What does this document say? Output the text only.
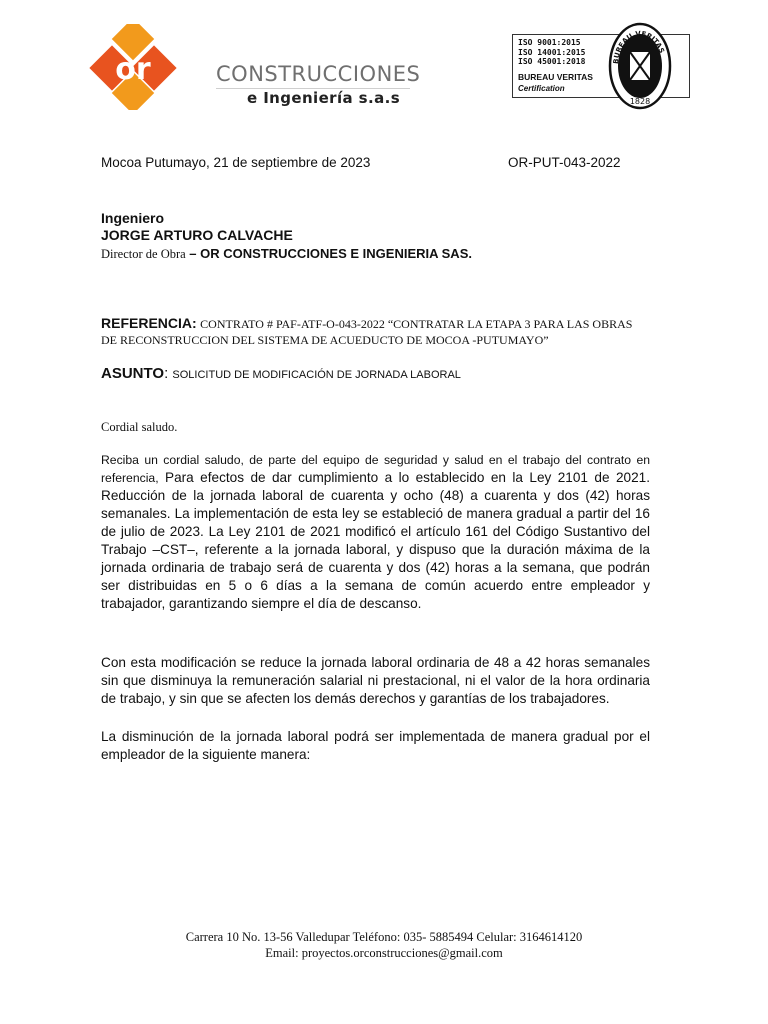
or	CONSTRUCCIONES
e Ingeniería s.a.s
ISO 9001:2015
ISO 14001:2015
ISO 45001:2018
BUREAU VERITAS
Certification
BUREAU VERITAS
1828
Mocoa Putumayo, 21 de septiembre de 2023	OR-PUT-043-2022
Ingeniero
JORGE ARTURO CALVACHE
Director de Obra – OR CONSTRUCCIONES E INGENIERIA SAS.
REFERENCIA: CONTRATO # PAF-ATF-O-043-2022 “CONTRATAR LA ETAPA 3 PARA LAS OBRAS DE RECONSTRUCCION DEL SISTEMA DE ACUEDUCTO DE MOCOA -PUTUMAYO”
ASUNTO: SOLICITUD DE MODIFICACIÓN DE JORNADA LABORAL
Cordial saludo.
Reciba un cordial saludo, de parte del equipo de seguridad y salud en el trabajo del contrato en referencia, Para efectos de dar cumplimiento a lo establecido en la Ley 2101 de 2021. Reducción de la jornada laboral de cuarenta y ocho (48) a cuarenta y dos (42) horas semanales. La implementación de esta ley se estableció de manera gradual a partir del 16 de julio de 2023. La Ley 2101 de 2021 modificó el artículo 161 del Código Sustantivo del Trabajo –CST–, referente a la jornada laboral, y dispuso que la duración máxima de la jornada ordinaria de trabajo será de cuarenta y dos (42) horas a la semana, que podrán ser distribuidas en 5 o 6 días a la semana de común acuerdo entre empleador y trabajador, garantizando siempre el día de descanso.
Con esta modificación se reduce la jornada laboral ordinaria de 48 a 42 horas semanales sin que disminuya la remuneración salarial ni prestacional, ni el valor de la hora ordinaria de trabajo, y sin que se afecten los demás derechos y garantías de los trabajadores.
La disminución de la jornada laboral podrá ser implementada de manera gradual por el empleador de la siguiente manera:
Carrera 10 No. 13-56 Valledupar Teléfono: 035- 5885494 Celular: 3164614120
Email: proyectos.orconstrucciones@gmail.com
